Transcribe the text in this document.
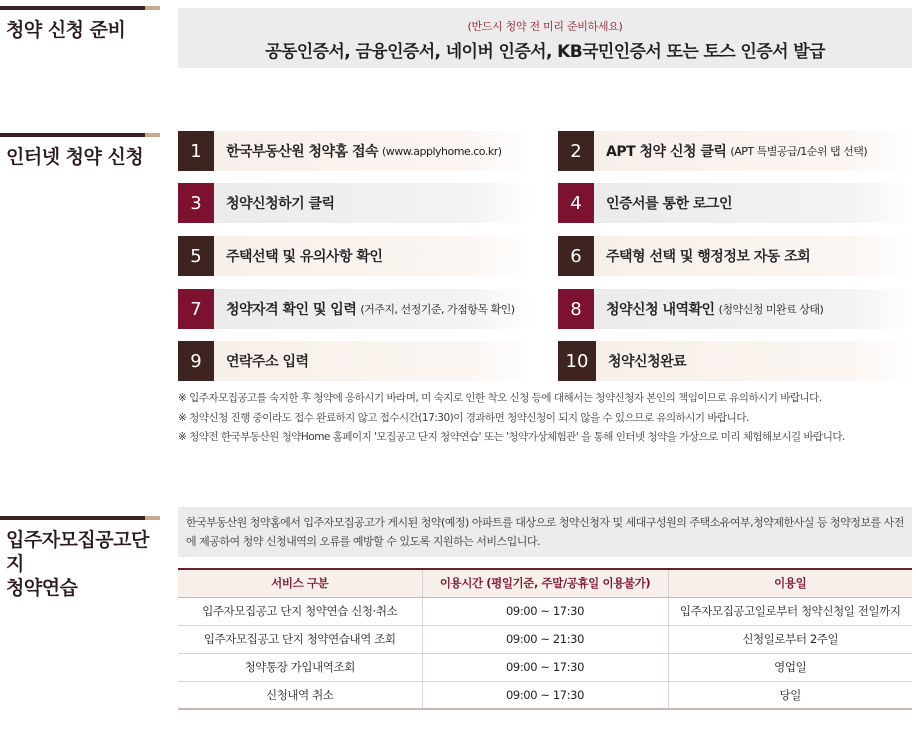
청약 신청 준비	(반드시 청약 전 미리 준비하세요)
공동인증서, 금융인증서, 네이버 인증서, KB국민인증서 또는 토스 인증서 발급
인터넷 청약 신청	1	한국부동산원 청약홈 접속 (www.applyhome.co.kr)	2	APT 청약 신청 클릭 (APT 특별공급/1순위 탭 선택)
3	청약신청하기 클릭	4	인증서를 통한 로그인
5	주택선택 및 유의사항 확인	6	주택형 선택 및 행정정보 자동 조회
7	청약자격 확인 및 입력 (거주지, 선정기준, 가점항목 확인)	8	청약신청 내역확인 (청약신청 미완료 상태)
9	연락주소 입력	10	청약신청완료
※ 입주자모집공고를 숙지한 후 청약에 응하시기 바라며, 미 숙지로 인한 착오 신청 등에 대해서는 청약신청자 본인의 책임이므로 유의하시기 바랍니다.
※ 청약신청 진행 중이라도 접수 완료하지 않고 접수시간(17:30)이 경과하면 청약신청이 되지 않을 수 있으므로 유의하시기 바랍니다.
※ 청약전 한국부동산원 청약Home 홈페이지 '모집공고 단지 청약연습' 또는 '청약가상체험관' 을 통해 인터넷 청약을 가상으로 미리 체험해보시길 바랍니다.
입주자모집공고단지
청약연습
한국부동산원 청약홈에서 입주자모집공고가 게시된 청약(예정) 아파트를 대상으로 청약신청자 및 세대구성원의 주택소유여부,청약제한사실 등 청약정보를 사전에 제공하여 청약 신청내역의 오류를 예방할 수 있도록 지원하는 서비스입니다.
서비스 구분	이용시간 (평일기준, 주말/공휴일 이용불가)	이용일
입주자모집공고 단지 청약연습 신청·취소	09:00 ~ 17:30	입주자모집공고일로부터 청약신청일 전일까지
입주자모집공고 단지 청약연습내역 조회	09:00 ~ 21:30	신청일로부터 2주일
청약통장 가입내역조회	09:00 ~ 17:30	영업일
신청내역 취소	09:00 ~ 17:30	당일
